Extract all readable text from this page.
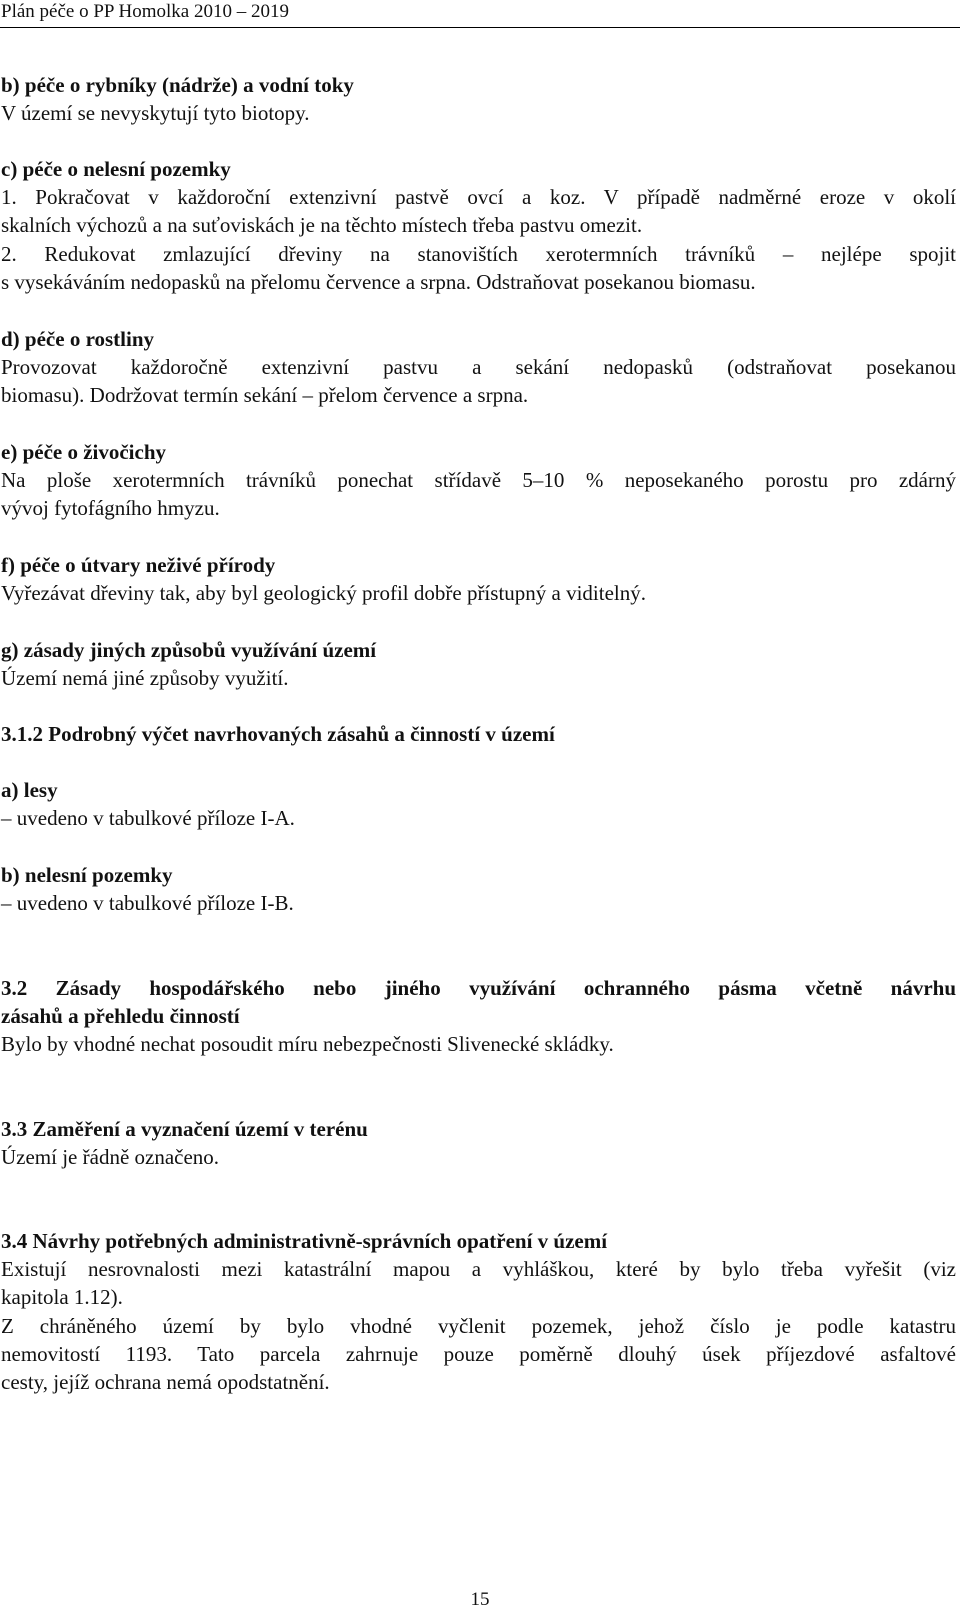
Plán péče o PP Homolka 2010 – 2019
b) péče o rybníky (nádrže) a vodní toky
V území se nevyskytují tyto biotopy.
c) péče o nelesní pozemky
1. Pokračovat v každoroční extenzivní pastvě ovcí a koz. V případě nadměrné eroze v okolí
skalních výchozů a na suťoviskách je na těchto místech třeba pastvu omezit.
2. Redukovat zmlazující dřeviny na stanovištích xerotermních trávníků – nejlépe spojit
s vysekáváním nedopasků na přelomu července a srpna. Odstraňovat posekanou biomasu.
d) péče o rostliny
Provozovat každoročně extenzivní pastvu a sekání nedopasků (odstraňovat posekanou
biomasu). Dodržovat termín sekání – přelom července a srpna.
e) péče o živočichy
Na ploše xerotermních trávníků ponechat střídavě 5–10 % neposekaného porostu pro zdárný
vývoj fytofágního hmyzu.
f) péče o útvary neživé přírody
Vyřezávat dřeviny tak, aby byl geologický profil dobře přístupný a viditelný.
g) zásady jiných způsobů využívání území
Území nemá jiné způsoby využití.
3.1.2 Podrobný výčet navrhovaných zásahů a činností v území
a) lesy
– uvedeno v tabulkové příloze I-A.
b) nelesní pozemky
– uvedeno v tabulkové příloze I-B.
3.2 Zásady hospodářského nebo jiného využívání ochranného pásma včetně návrhu
zásahů a přehledu činností
Bylo by vhodné nechat posoudit míru nebezpečnosti Slivenecké skládky.
3.3 Zaměření a vyznačení území v terénu
Území je řádně označeno.
3.4 Návrhy potřebných administrativně-správních opatření v území
Existují nesrovnalosti mezi katastrální mapou a vyhláškou, které by bylo třeba vyřešit (viz
kapitola 1.12).
Z chráněného území by bylo vhodné vyčlenit pozemek, jehož číslo je podle katastru
nemovitostí 1193. Tato parcela zahrnuje pouze poměrně dlouhý úsek příjezdové asfaltové
cesty, jejíž ochrana nemá opodstatnění.
15
